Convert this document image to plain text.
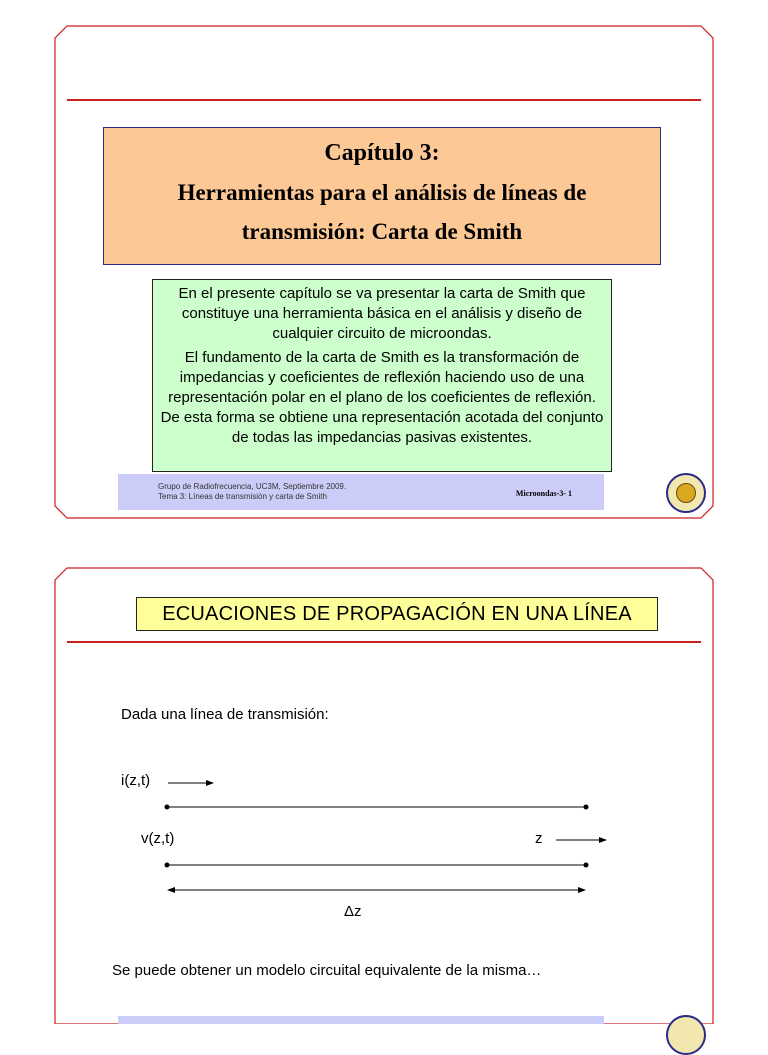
Capítulo 3:
Herramientas para el análisis de líneas de
transmisión: Carta de Smith

En el presente capítulo se va presentar la carta de Smith que constituye una herramienta básica en el análisis y diseño de cualquier circuito de microondas.

El fundamento de la carta de Smith es la transformación de impedancias y coeficientes de reflexión haciendo uso de una representación polar en el plano de los coeficientes de reflexión. De esta forma se obtiene una representación acotada del conjunto de todas las impedancias pasivas existentes.

Grupo de Radiofrecuencia, UC3M, Septiembre 2009.
Tema 3: Líneas de transmisión y carta de Smith	Microondas-3- 1
ECUACIONES DE PROPAGACIÓN EN UNA LÍNEA
Dada una línea de transmisión:
i(z,t)
v(z,t)	z
Δz
Se puede obtener un modelo circuital equivalente de la misma…
